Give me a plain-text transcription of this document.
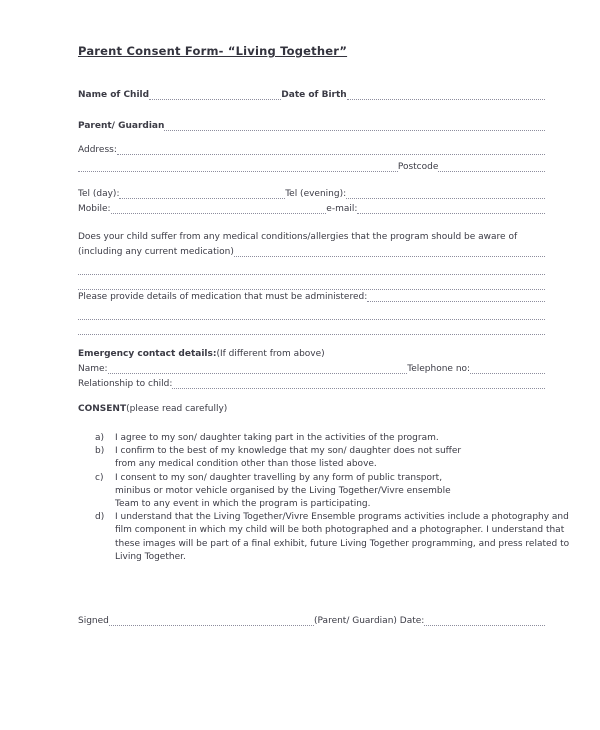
Parent Consent Form- “Living Together”
Name of Child	Date of Birth
Parent/ Guardian
Address:
Postcode
Tel (day):	Tel (evening):
Mobile:	e-mail:
Does your child suffer from any medical conditions/allergies that the program should be aware of
(including any current medication)
Please provide details of medication that must be administered:
Emergency contact details:(If different from above)
Name:	Telephone no:
Relationship to child:
CONSENT(please read carefully)
a)	I agree to my son/ daughter taking part in the activities of the program.
b)	I confirm to the best of my knowledge that my son/ daughter does not suffer from any medical condition other than those listed above.
c)	I consent to my son/ daughter travelling by any form of public transport, minibus or motor vehicle organised by the Living Together/Vivre ensemble Team to any event in which the program is participating.
d)	I understand that the Living Together/Vivre Ensemble programs activities include a photography and film component in which my child will be both photographed and a photographer. I understand that these images will be part of a final exhibit, future Living Together programming, and press related to Living Together.
Signed	(Parent/ Guardian) Date:
